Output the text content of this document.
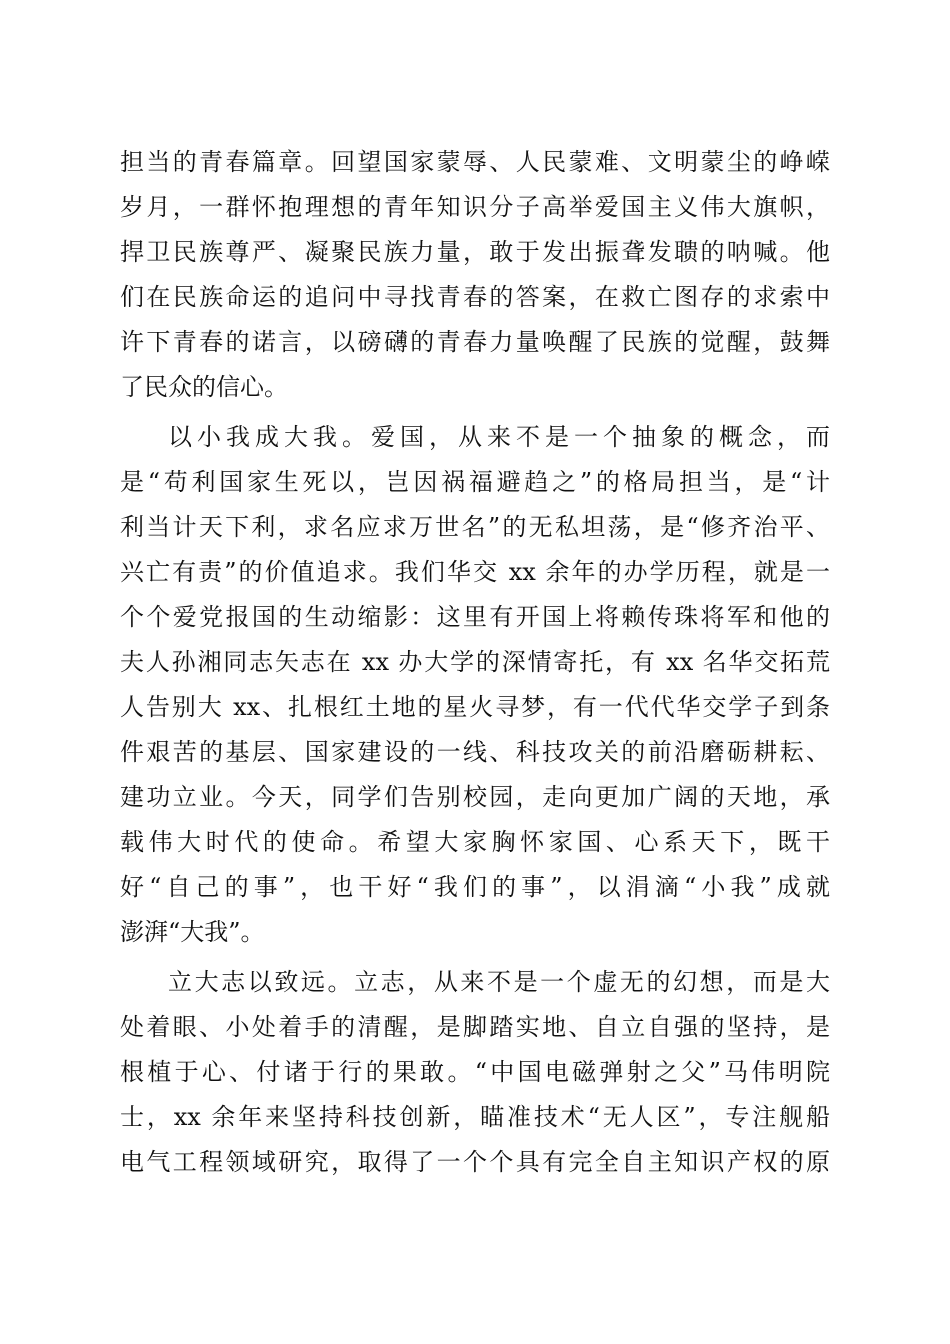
担当的青春篇章。回望国家蒙辱、人民蒙难、文明蒙尘的峥嵘
岁月，一群怀抱理想的青年知识分子高举爱国主义伟大旗帜，
捍卫民族尊严、凝聚民族力量，敢于发出振聋发聩的呐喊。他
们在民族命运的追问中寻找青春的答案，在救亡图存的求索中
许下青春的诺言，以磅礴的青春力量唤醒了民族的觉醒，鼓舞
了民众的信心。
以小我成大我。爱国，从来不是一个抽象的概念，而
是“苟利国家生死以，岂因祸福避趋之”的格局担当，是“计
利当计天下利，求名应求万世名”的无私坦荡，是“修齐治平、
兴亡有责”的价值追求。我们华交 xx 余年的办学历程，就是一
个个爱党报国的生动缩影：这里有开国上将赖传珠将军和他的
夫人孙湘同志矢志在 xx 办大学的深情寄托，有 xx 名华交拓荒
人告别大 xx、扎根红土地的星火寻梦，有一代代华交学子到条
件艰苦的基层、国家建设的一线、科技攻关的前沿磨砺耕耘、
建功立业。今天，同学们告别校园，走向更加广阔的天地，承
载伟大时代的使命。希望大家胸怀家国、心系天下，既干
好“自己的事”，也干好“我们的事”，以涓滴“小我”成就
澎湃“大我”。
立大志以致远。立志，从来不是一个虚无的幻想，而是大
处着眼、小处着手的清醒，是脚踏实地、自立自强的坚持，是
根植于心、付诸于行的果敢。“中国电磁弹射之父”马伟明院
士，xx 余年来坚持科技创新，瞄准技术“无人区”，专注舰船
电气工程领域研究，取得了一个个具有完全自主知识产权的原
